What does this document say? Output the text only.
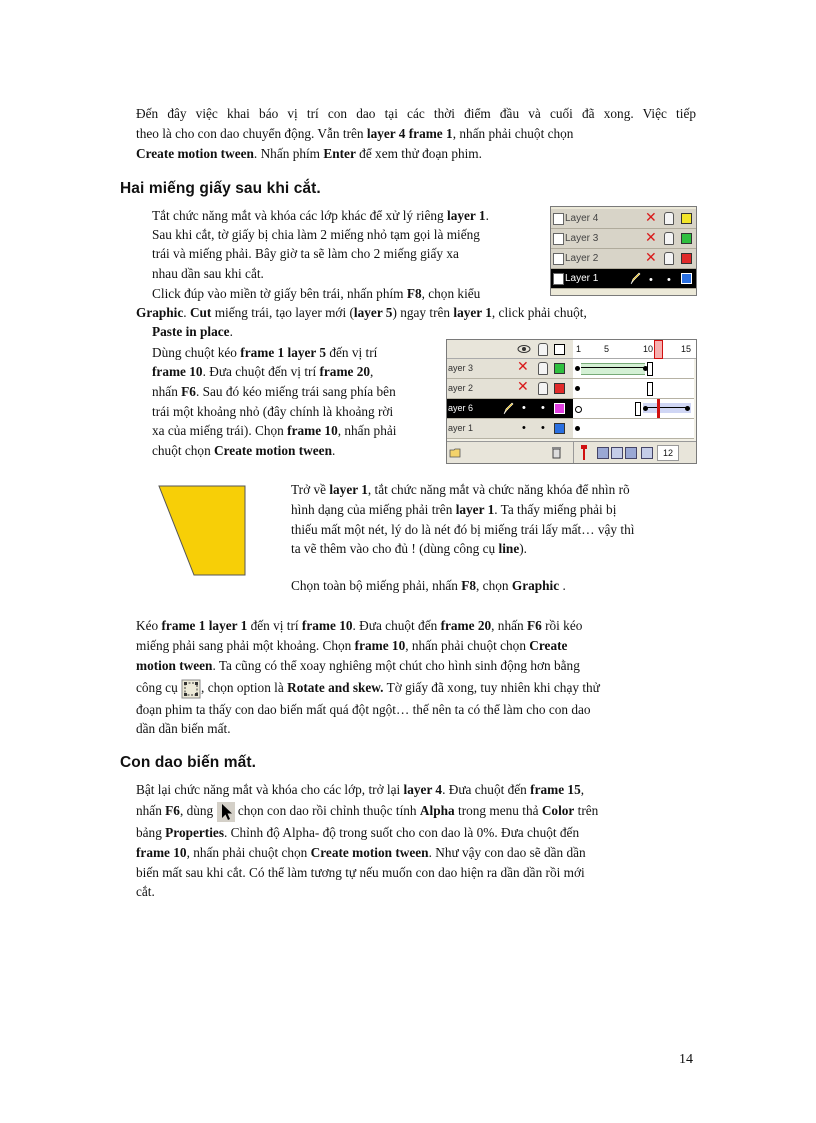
Đến đây việc khai báo vị trí con dao tại các thời điểm đầu và cuối đã xong. Việc tiếp
theo là cho con dao chuyển động. Vẫn trên layer 4 frame 1, nhấn phải chuột chọn
Create motion tween. Nhấn phím Enter để xem thử đoạn phim.
Hai miếng giấy sau khi cắt.
Tắt chức năng mắt và khóa các lớp khác để xử lý riêng layer 1.
Sau khi cắt, tờ giấy bị chia làm 2 miếng nhỏ tạm gọi là miếng
trái và miếng phải. Bây giờ ta sẽ làm cho 2 miếng giấy xa
nhau dần sau khi cắt.
Click đúp vào miền tờ giấy bên trái, nhấn phím F8, chọn kiểu
Graphic. Cut miếng trái, tạo layer mới (layer 5) ngay trên layer 1, click phải chuột,
Paste in place.
Layer 4	✕
Layer 3	✕
Layer 2	✕
Layer 1	• •
Dùng chuột kéo frame 1 layer 5 đến vị trí
frame 10. Đưa chuột đến vị trí frame 20,
nhấn F6. Sau đó kéo miếng trái sang phía bên
trái một khoảng nhỏ (đây chính là khoảng rời
xa của miếng trái). Chọn frame 10, nhấn phải
chuột chọn Create motion tween.
1	5	10	15
ayer 3	✕
ayer 2	✕
ayer 6	• •
ayer 1	• •
12
Trở về layer 1, tắt chức năng mắt và chức năng khóa để nhìn rõ
hình dạng của miếng phải trên layer 1. Ta thấy miếng phải bị
thiếu mất một nét, lý do là nét đó bị miếng trái lấy mất… vậy thì
ta vẽ thêm vào cho đủ ! (dùng công cụ line).
Chọn toàn bộ miếng phải, nhấn F8, chọn Graphic .
Kéo frame 1 layer 1 đến vị trí frame 10. Đưa chuột đến frame 20, nhấn F6 rồi kéo
miếng phải sang phải một khoảng. Chọn frame 10, nhấn phải chuột chọn Create
motion tween. Ta cũng có thể xoay nghiêng một chút cho hình sinh động hơn bằng
công cụ , chọn option là Rotate and skew. Tờ giấy đã xong, tuy nhiên khi chạy thử
đoạn phim ta thấy con dao biến mất quá đột ngột… thế nên ta có thể làm cho con dao
dần dần biến mất.
Con dao biến mất.
Bật lại chức năng mắt và khóa cho các lớp, trở lại layer 4. Đưa chuột đến frame 15,
nhấn F6, dùng  chọn con dao rồi chỉnh thuộc tính Alpha trong menu thả Color trên
bảng Properties. Chỉnh độ Alpha- độ trong suốt cho con dao là 0%. Đưa chuột đến
frame 10, nhấn phải chuột chọn Create motion tween. Như vậy con dao sẽ dần dần
biến mất sau khi cắt. Có thể làm tương tự nếu muốn con dao hiện ra dần dần rồi mới
cắt.
14
